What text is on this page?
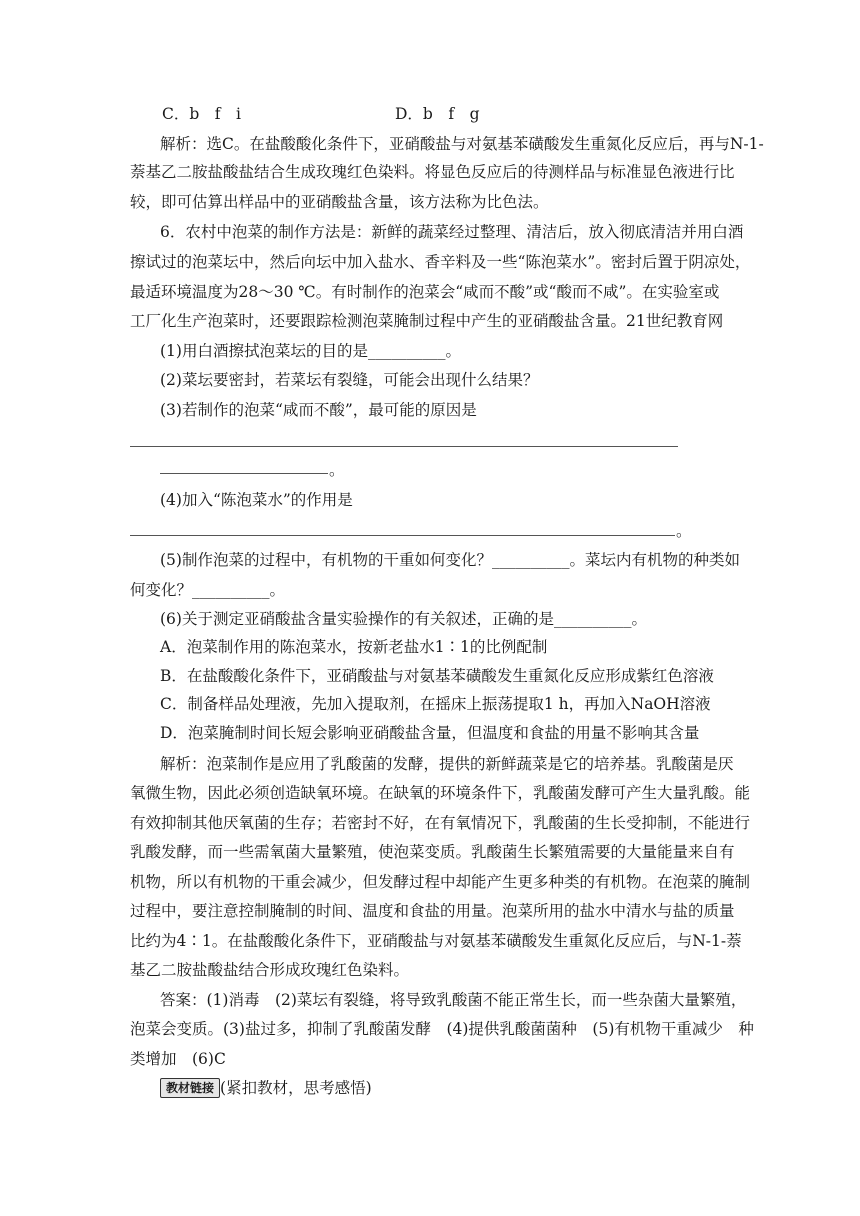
C．b　f　i	D．b　f　g
解析：选C。在盐酸酸化条件下，亚硝酸盐与对氨基苯磺酸发生重氮化反应后，再与N-1-
萘基乙二胺盐酸盐结合生成玫瑰红色染料。将显色反应后的待测样品与标准显色液进行比
较，即可估算出样品中的亚硝酸盐含量，该方法称为比色法。
6．农村中泡菜的制作方法是：新鲜的蔬菜经过整理、清洁后，放入彻底清洁并用白酒
擦试过的泡菜坛中，然后向坛中加入盐水、香辛料及一些“陈泡菜水”。密封后置于阴凉处，
最适环境温度为28～30 ℃。有时制作的泡菜会“咸而不酸”或“酸而不咸”。在实验室或
工厂化生产泡菜时，还要跟踪检测泡菜腌制过程中产生的亚硝酸盐含量。21世纪教育网
(1)用白酒擦拭泡菜坛的目的是__________。
(2)菜坛要密封，若菜坛有裂缝，可能会出现什么结果？
(3)若制作的泡菜“咸而不酸”，最可能的原因是
。
(4)加入“陈泡菜水”的作用是
。
(5)制作泡菜的过程中，有机物的干重如何变化？__________。菜坛内有机物的种类如
何变化？__________。
(6)关于测定亚硝酸盐含量实验操作的有关叙述，正确的是__________。
A．泡菜制作用的陈泡菜水，按新老盐水1∶1的比例配制
B．在盐酸酸化条件下，亚硝酸盐与对氨基苯磺酸发生重氮化反应形成紫红色溶液
C．制备样品处理液，先加入提取剂，在摇床上振荡提取1 h，再加入NaOH溶液
D．泡菜腌制时间长短会影响亚硝酸盐含量，但温度和食盐的用量不影响其含量
解析：泡菜制作是应用了乳酸菌的发酵，提供的新鲜蔬菜是它的培养基。乳酸菌是厌
氧微生物，因此必须创造缺氧环境。在缺氧的环境条件下，乳酸菌发酵可产生大量乳酸。能
有效抑制其他厌氧菌的生存；若密封不好，在有氧情况下，乳酸菌的生长受抑制，不能进行
乳酸发酵，而一些需氧菌大量繁殖，使泡菜变质。乳酸菌生长繁殖需要的大量能量来自有
机物，所以有机物的干重会减少，但发酵过程中却能产生更多种类的有机物。在泡菜的腌制
过程中，要注意控制腌制的时间、温度和食盐的用量。泡菜所用的盐水中清水与盐的质量
比约为4∶1。在盐酸酸化条件下，亚硝酸盐与对氨基苯磺酸发生重氮化反应后，与N-1-萘
基乙二胺盐酸盐结合形成玫瑰红色染料。
答案：(1)消毒　(2)菜坛有裂缝，将导致乳酸菌不能正常生长，而一些杂菌大量繁殖，
泡菜会变质。(3)盐过多，抑制了乳酸菌发酵　(4)提供乳酸菌菌种　(5)有机物干重减少　种
类增加　(6)C
教材链接 (紧扣教材，思考感悟)
